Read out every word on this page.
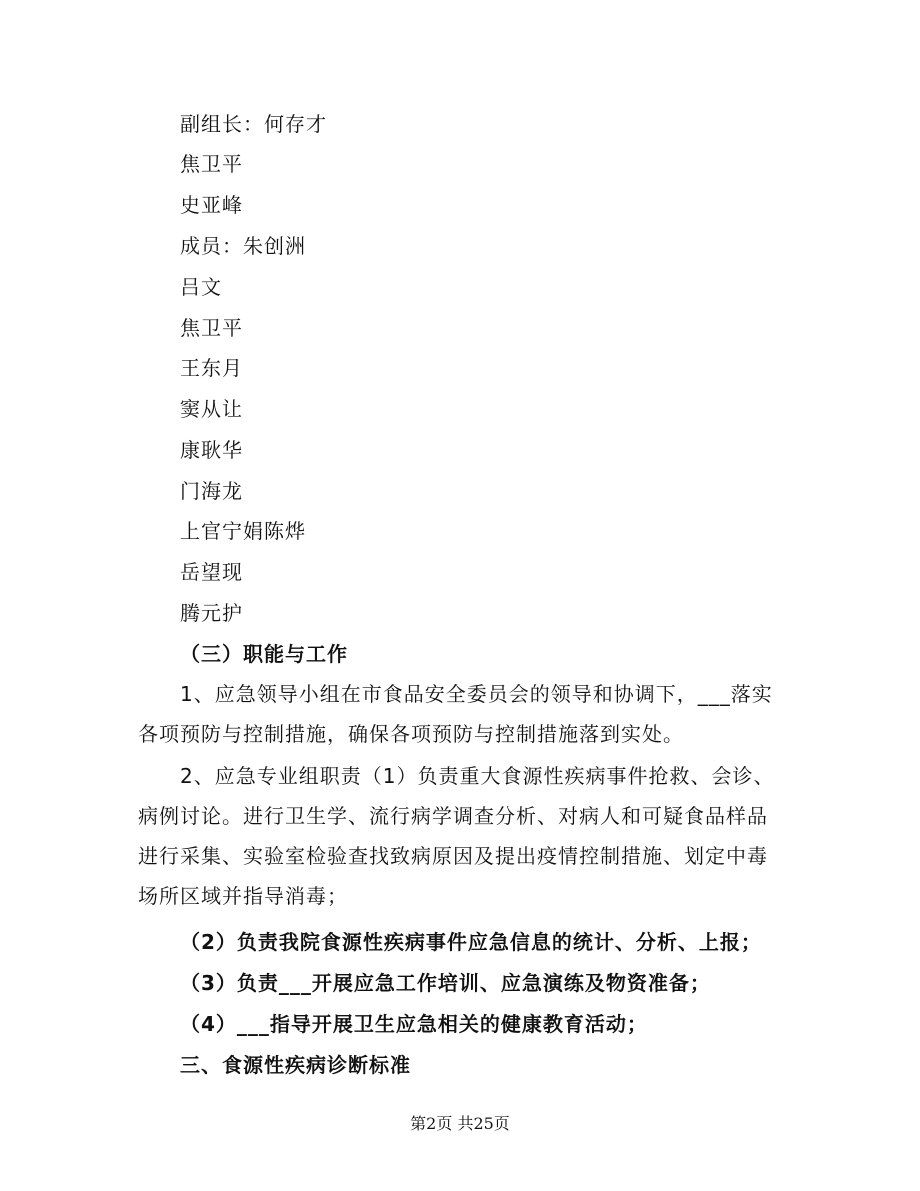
副组长：何存才
焦卫平
史亚峰
成员：朱创洲
吕文
焦卫平
王东月
窦从让
康耿华
门海龙
上官宁娟陈烨
岳望现
腾元护
（三）职能与工作
1、应急领导小组在市食品安全委员会的领导和协调下，___落实各项预防与控制措施，确保各项预防与控制措施落到实处。
2、应急专业组职责（1）负责重大食源性疾病事件抢救、会诊、病例讨论。进行卫生学、流行病学调查分析、对病人和可疑食品样品进行采集、实验室检验查找致病原因及提出疫情控制措施、划定中毒场所区域并指导消毒；
（2）负责我院食源性疾病事件应急信息的统计、分析、上报；
（3）负责___开展应急工作培训、应急演练及物资准备；
（4）___指导开展卫生应急相关的健康教育活动；
三、食源性疾病诊断标准
第2页 共25页
